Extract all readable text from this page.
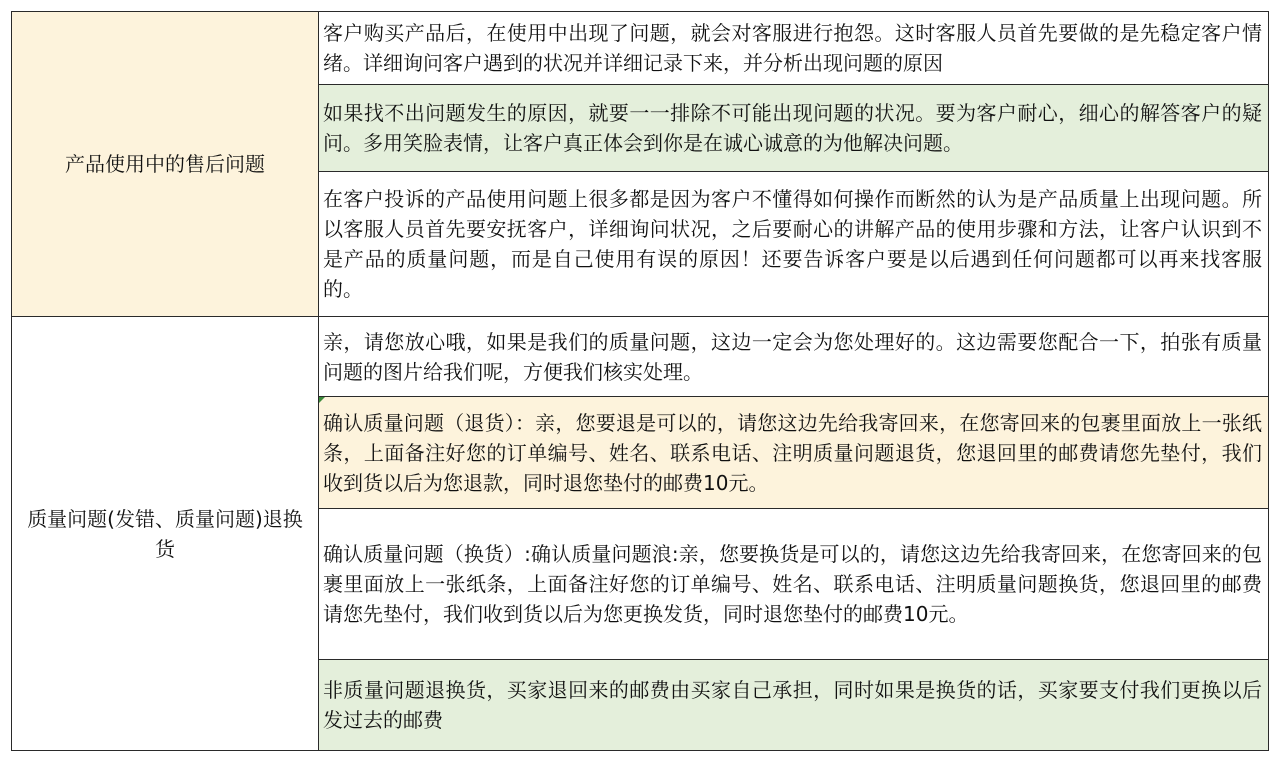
产品使用中的售后问题	客户购买产品后，在使用中出现了问题，就会对客服进行抱怨。这时客服人员首先要做的是先稳定客户情绪。详细询问客户遇到的状况并详细记录下来，并分析出现问题的原因

	如果找不出问题发生的原因，就要一一排除不可能出现问题的状况。要为客户耐心，细心的解答客户的疑问。多用笑脸表情，让客户真正体会到你是在诚心诚意的为他解决问题。

	在客户投诉的产品使用问题上很多都是因为客户不懂得如何操作而断然的认为是产品质量上出现问题。所以客服人员首先要安抚客户，详细询问状况，之后要耐心的讲解产品的使用步骤和方法，让客户认识到不是产品的质量问题，而是自己使用有误的原因！还要告诉客户要是以后遇到任何问题都可以再来找客服的。

质量问题(发错、质量问题)退换货	亲，请您放心哦，如果是我们的质量问题，这边一定会为您处理好的。这边需要您配合一下，拍张有质量问题的图片给我们呢，方便我们核实处理。

	确认质量问题（退货）：亲，您要退是可以的，请您这边先给我寄回来，在您寄回来的包裹里面放上一张纸条，上面备注好您的订单编号、姓名、联系电话、注明质量问题退货，您退回里的邮费请您先垫付，我们收到货以后为您退款，同时退您垫付的邮费10元。

	确认质量问题（换货）:确认质量问题浪:亲，您要换货是可以的，请您这边先给我寄回来，在您寄回来的包裹里面放上一张纸条，上面备注好您的订单编号、姓名、联系电话、注明质量问题换货，您退回里的邮费请您先垫付，我们收到货以后为您更换发货，同时退您垫付的邮费10元。

	非质量问题退换货，买家退回来的邮费由买家自己承担，同时如果是换货的话，买家要支付我们更换以后发过去的邮费
